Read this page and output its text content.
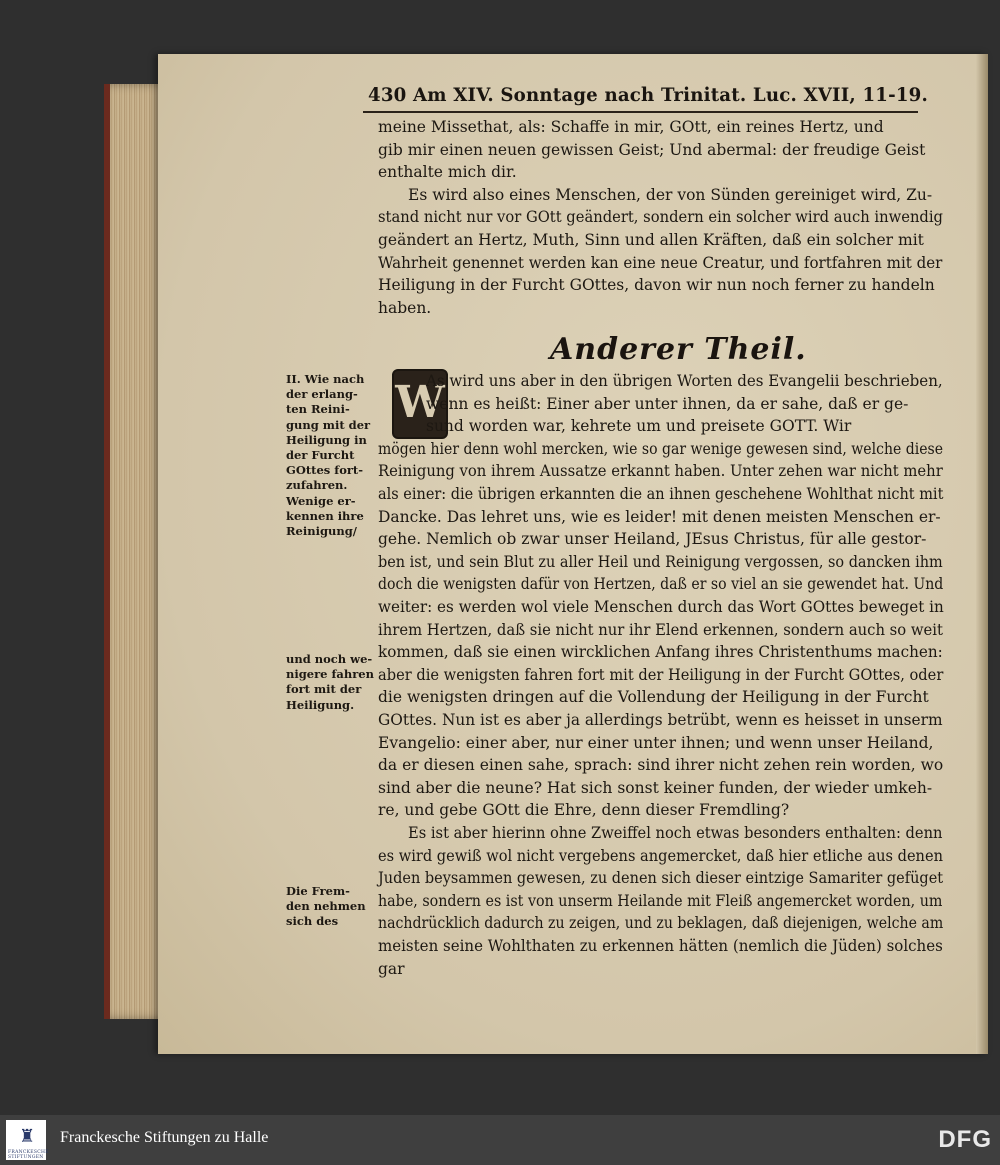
430 Am XIV. Sonntage nach Trinitat. Luc. XVII, 11-19.
meine Missethat, als: Schaffe in mir, GOtt, ein reines Hertz, und
gib mir einen neuen gewissen Geist; Und abermal: der freudige Geist
enthalte mich dir.
Es wird also eines Menschen, der von Sünden gereiniget wird, Zu-
stand nicht nur vor GOtt geändert, sondern ein solcher wird auch inwendig
geändert an Hertz, Muth, Sinn und allen Kräften, daß ein solcher mit
Wahrheit genennet werden kan eine neue Creatur, und fortfahren mit der
Heiligung in der Furcht GOttes, davon wir nun noch ferner zu handeln
haben.
Anderer Theil.
W
As wird uns aber in den übrigen Worten des Evangelii beschrieben,
wenn es heißt: Einer aber unter ihnen, da er sahe, daß er ge-
sund worden war, kehrete um und preisete GOTT. Wir
mögen hier denn wohl mercken, wie so gar wenige gewesen sind, welche diese
Reinigung von ihrem Aussatze erkannt haben. Unter zehen war nicht mehr
als einer: die übrigen erkannten die an ihnen geschehene Wohlthat nicht mit
Dancke. Das lehret uns, wie es leider! mit denen meisten Menschen er-
gehe. Nemlich ob zwar unser Heiland, JEsus Christus, für alle gestor-
ben ist, und sein Blut zu aller Heil und Reinigung vergossen, so dancken ihm
doch die wenigsten dafür von Hertzen, daß er so viel an sie gewendet hat. Und
weiter: es werden wol viele Menschen durch das Wort GOttes beweget in
ihrem Hertzen, daß sie nicht nur ihr Elend erkennen, sondern auch so weit
kommen, daß sie einen wircklichen Anfang ihres Christenthums machen:
aber die wenigsten fahren fort mit der Heiligung in der Furcht GOttes, oder
die wenigsten dringen auf die Vollendung der Heiligung in der Furcht
GOttes. Nun ist es aber ja allerdings betrübt, wenn es heisset in unserm
Evangelio: einer aber, nur einer unter ihnen; und wenn unser Heiland,
da er diesen einen sahe, sprach: sind ihrer nicht zehen rein worden, wo
sind aber die neune? Hat sich sonst keiner funden, der wieder umkeh-
re, und gebe GOtt die Ehre, denn dieser Fremdling?
Es ist aber hierinn ohne Zweiffel noch etwas besonders enthalten: denn
es wird gewiß wol nicht vergebens angemercket, daß hier etliche aus denen
Juden beysammen gewesen, zu denen sich dieser eintzige Samariter gefüget
habe, sondern es ist von unserm Heilande mit Fleiß angemercket worden, um
nachdrücklich dadurch zu zeigen, und zu beklagen, daß diejenigen, welche am
meisten seine Wohlthaten zu erkennen hätten (nemlich die Jüden) solches
gar
II. Wie nach
der erlang-
ten Reini-
gung mit der
Heiligung in
der Furcht
GOttes fort-
zufahren.
Wenige er-
kennen ihre
Reinigung/
und noch we-
nigere fahren
fort mit der
Heiligung.
Die Frem-
den nehmen
sich des
♜
FRANCKESCHE STIFTUNGEN
Franckesche Stiftungen zu Halle	DFG
